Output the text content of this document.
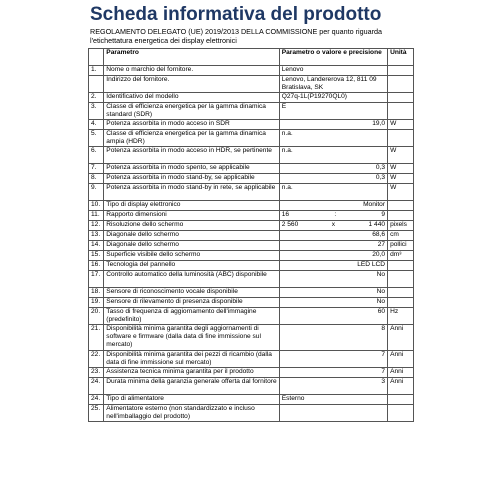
Scheda informativa del prodotto
REGOLAMENTO DELEGATO (UE) 2019/2013 DELLA COMMISSIONE per quanto riguarda
l'etichettatura energetica dei display elettronici
	Parametro	Parametro o valore e precisione	Unità
1.	Nome o marchio del fornitore.	Lenovo	
	Indirizzo del fornitore.	Lenovo, Landererova 12, 811 09 Bratislava, SK	
2.	Identificativo del modello	Q27q-1L(P19270QL0)	
3.	Classe di efficienza energetica per la gamma dinamica standard (SDR)	E	
4.	Potenza assorbita in modo acceso in SDR	19,0	W
5.	Classe di efficienza energetica per la gamma dinamica ampia (HDR)	n.a.	
6.	Potenza assorbita in modo acceso in HDR, se pertinente	n.a.	W
7.	Potenza assorbita in modo spento, se applicabile	0,3	W
8.	Potenza assorbita in modo stand-by, se applicabile	0,3	W
9.	Potenza assorbita in modo stand-by in rete, se applicabile	n.a.	W
10.	Tipo di display elettronico	Monitor	
11.	Rapporto dimensioni	16 : 9	

12.	Risoluzione dello schermo	2 560 x 1 440	pixels
13.	Diagonale dello schermo	68,6	cm
14.	Diagonale dello schermo	27	pollici
15.	Superficie visibile dello schermo	20,0	dm³
16.	Tecnologia del pannello	LED LCD	
17.	Controllo automatico della luminosità (ABC) disponibile	No	
18.	Sensore di riconoscimento vocale disponibile	No	
19.	Sensore di rilevamento di presenza disponibile	No	
20.	Tasso di frequenza di aggiornamento dell'immagine (predefinito)	60	Hz
21.	Disponibilità minima garantita degli aggiornamenti di software e firmware (dalla data di fine immissione sul mercato)	8	Anni
22.	Disponibilità minima garantita dei pezzi di ricambio (dalla data di fine immissione sul mercato)	7	Anni
23.	Assistenza tecnica minima garantita per il prodotto	7	Anni
24.	Durata minima della garanzia generale offerta dal fornitore	3	Anni
24.	Tipo di alimentatore	Esterno	
25.	Alimentatore esterno (non standardizzato e incluso nell'imballaggio del prodotto)		
